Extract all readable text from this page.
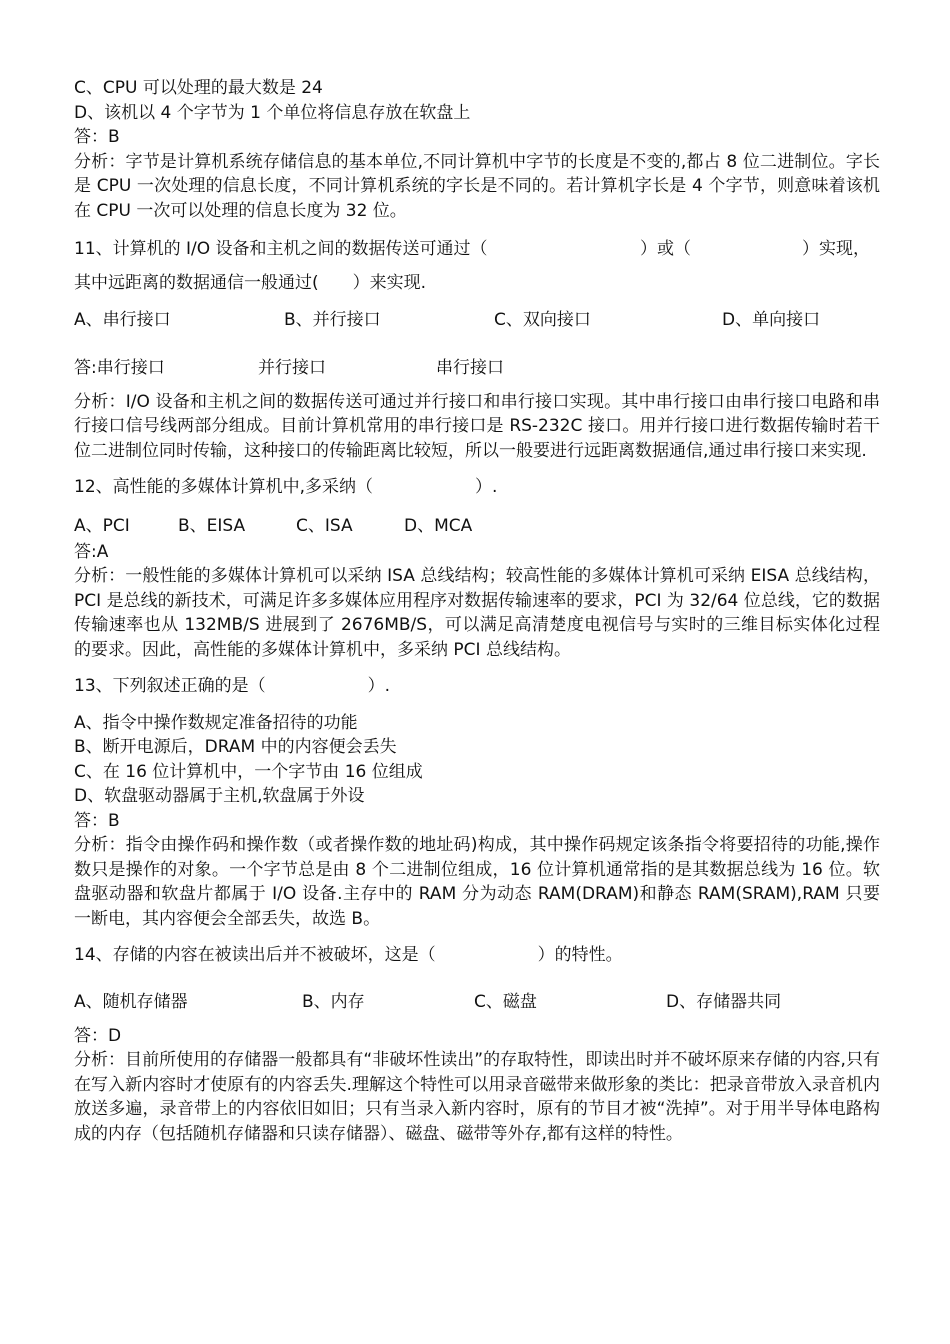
C、CPU 可以处理的最大数是 24
D、该机以 4 个字节为 1 个单位将信息存放在软盘上
答：B
分析：字节是计算机系统存储信息的基本单位,不同计算机中字节的长度是不变的,都占 8 位二进制位。字长是 CPU 一次处理的信息长度，不同计算机系统的字长是不同的。若计算机字长是 4 个字节，则意味着该机在 CPU 一次可以处理的信息长度为 32 位。
11、计算机的 I/O 设备和主机之间的数据传送可通过（	）或（	）实现，
其中远距离的数据通信一般通过(　　）来实现.
A、串行接口	B、并行接口	C、双向接口	D、单向接口
答:串行接口	并行接口	串行接口
分析：I/O 设备和主机之间的数据传送可通过并行接口和串行接口实现。其中串行接口由串行接口电路和串行接口信号线两部分组成。目前计算机常用的串行接口是 RS-232C 接口。用并行接口进行数据传输时若干位二进制位同时传输，这种接口的传输距离比较短，所以一般要进行远距离数据通信,通过串行接口来实现.
12、高性能的多媒体计算机中,多采纳（　　　　　　）.
A、PCI	B、EISA	C、ISA	D、MCA
答:A
分析：一般性能的多媒体计算机可以采纳 ISA 总线结构；较高性能的多媒体计算机可采纳 EISA 总线结构，PCI 是总线的新技术，可满足许多多媒体应用程序对数据传输速率的要求，PCI 为 32/64 位总线，它的数据传输速率也从 132MB/S 进展到了 2676MB/S，可以满足高清楚度电视信号与实时的三维目标实体化过程的要求。因此，高性能的多媒体计算机中，多采纳 PCI 总线结构。
13、下列叙述正确的是（　　　　　　）.
A、指令中操作数规定准备招待的功能
B、断开电源后，DRAM 中的内容便会丢失
C、在 16 位计算机中，一个字节由 16 位组成
D、软盘驱动器属于主机,软盘属于外设
答：B
分析：指令由操作码和操作数（或者操作数的地址码)构成，其中操作码规定该条指令将要招待的功能,操作数只是操作的对象。一个字节总是由 8 个二进制位组成，16 位计算机通常指的是其数据总线为 16 位。软盘驱动器和软盘片都属于 I/O 设备.主存中的 RAM 分为动态 RAM(DRAM)和静态 RAM(SRAM),RAM 只要一断电，其内容便会全部丢失，故选 B。
14、存储的内容在被读出后并不被破坏，这是（　　　　　　）的特性。
A、随机存储器	B、内存	C、磁盘	D、存储器共同
答：D
分析：目前所使用的存储器一般都具有“非破坏性读出”的存取特性，即读出时并不破坏原来存储的内容,只有在写入新内容时才使原有的内容丢失.理解这个特性可以用录音磁带来做形象的类比：把录音带放入录音机内放送多遍，录音带上的内容依旧如旧；只有当录入新内容时，原有的节目才被“洗掉”。对于用半导体电路构成的内存（包括随机存储器和只读存储器）、磁盘、磁带等外存,都有这样的特性。
